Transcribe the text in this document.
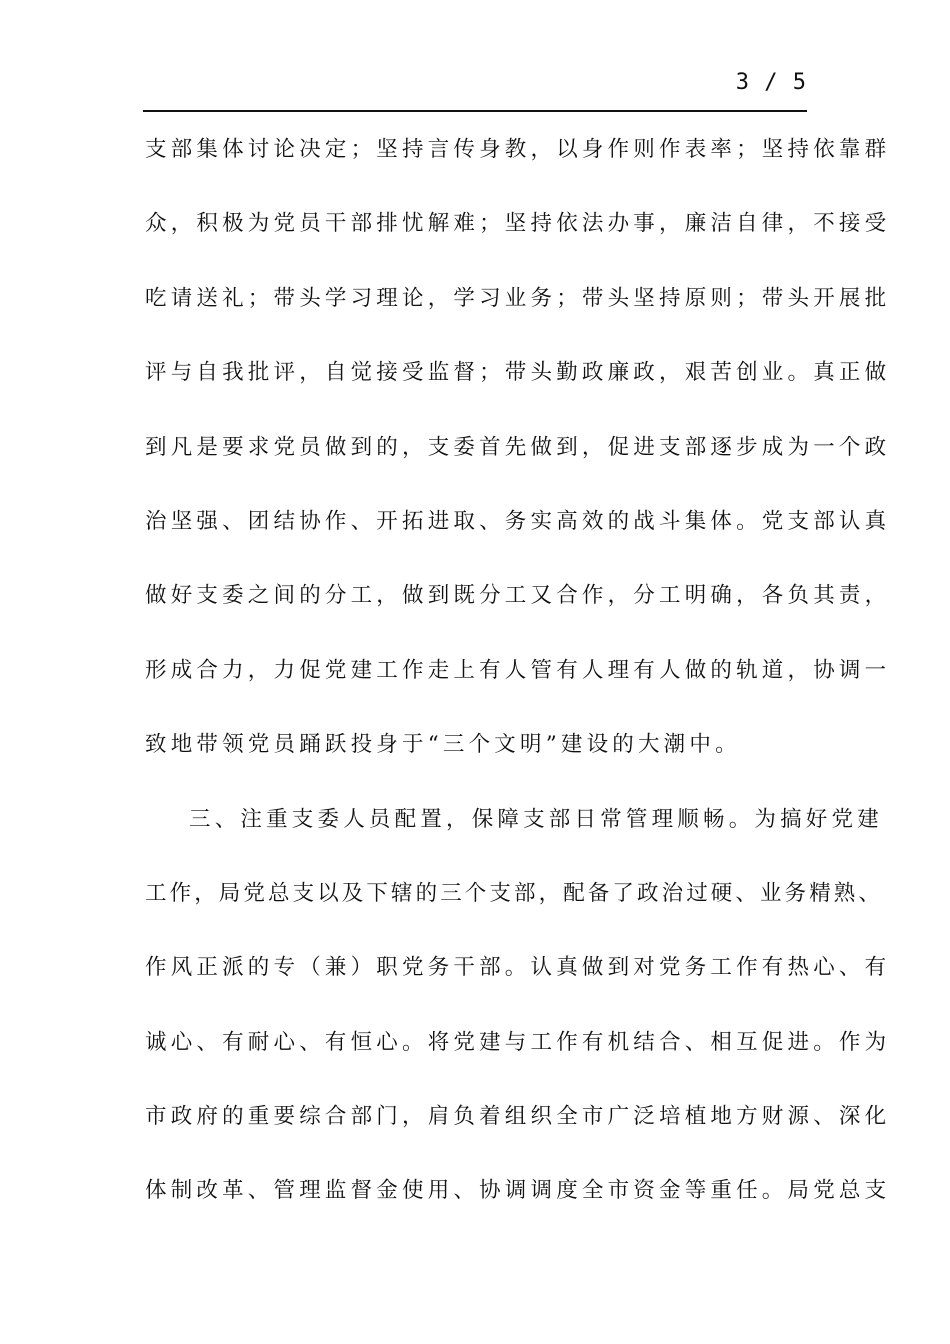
3 / 5
支部集体讨论决定；坚持言传身教，以身作则作表率；坚持依靠群
众，积极为党员干部排忧解难；坚持依法办事，廉洁自律，不接受
吃请送礼；带头学习理论，学习业务；带头坚持原则；带头开展批
评与自我批评，自觉接受监督；带头勤政廉政，艰苦创业。真正做
到凡是要求党员做到的，支委首先做到，促进支部逐步成为一个政
治坚强、团结协作、开拓进取、务实高效的战斗集体。党支部认真
做好支委之间的分工，做到既分工又合作，分工明确，各负其责，
形成合力，力促党建工作走上有人管有人理有人做的轨道，协调一
致地带领党员踊跃投身于“三个文明”建设的大潮中。
三、注重支委人员配置，保障支部日常管理顺畅。为搞好党建
工作，局党总支以及下辖的三个支部，配备了政治过硬、业务精熟、
作风正派的专（兼）职党务干部。认真做到对党务工作有热心、有
诚心、有耐心、有恒心。将党建与工作有机结合、相互促进。作为
市政府的重要综合部门，肩负着组织全市广泛培植地方财源、深化
体制改革、管理监督金使用、协调调度全市资金等重任。局党总支
